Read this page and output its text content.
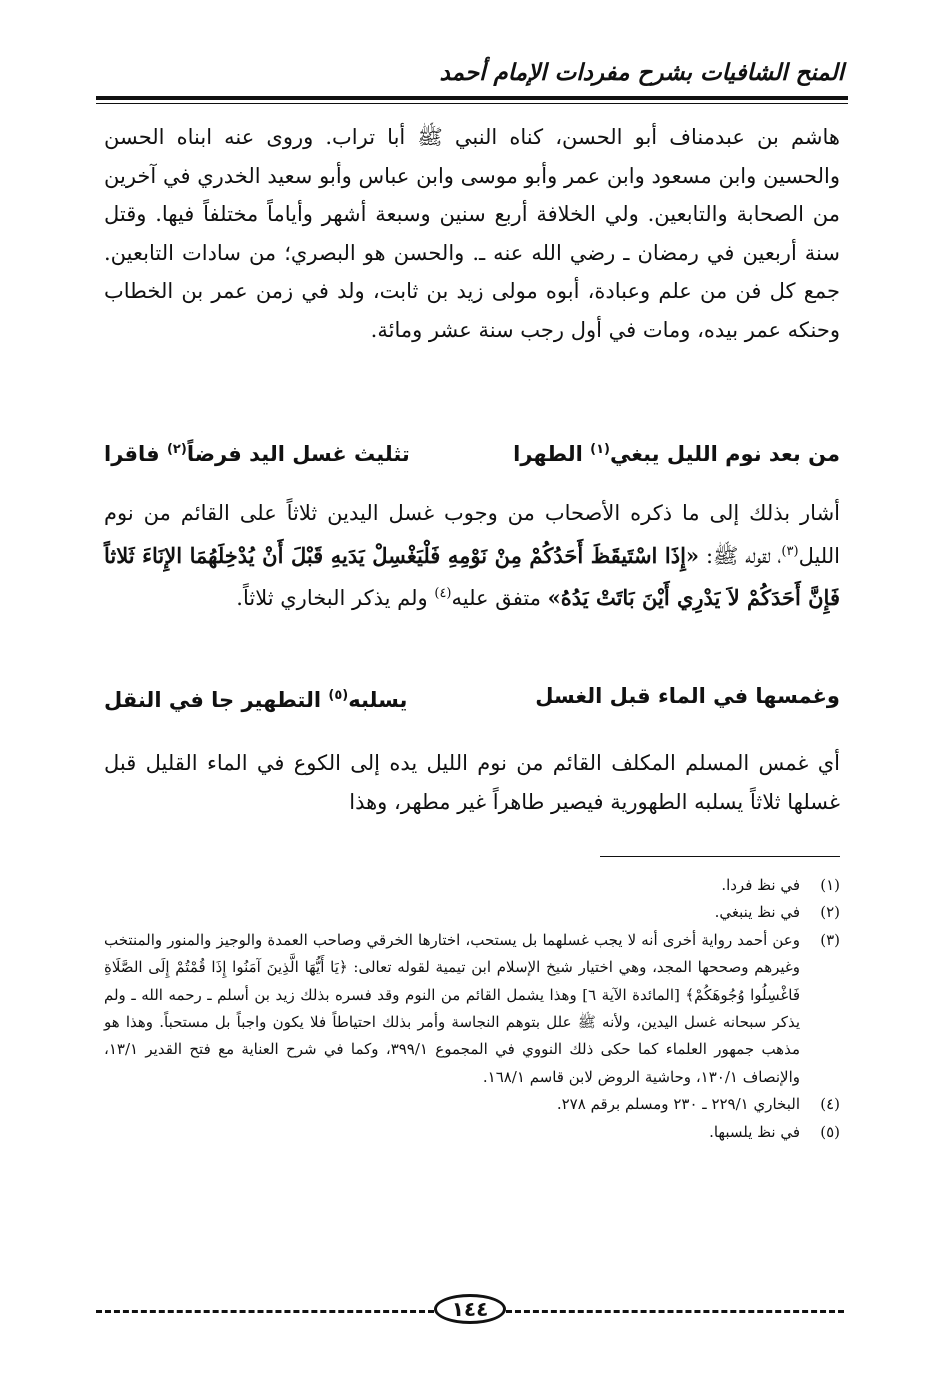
المنح الشافيات بشرح مفردات الإمام أحمد

هاشم بن عبدمناف أبو الحسن، كناه النبي ﷺ أبا تراب. وروى عنه ابناه الحسن والحسين وابن مسعود وابن عمر وأبو موسى وابن عباس وأبو سعيد الخدري في آخرين من الصحابة والتابعين. ولي الخلافة أربع سنين وسبعة أشهر وأياماً مختلفاً فيها. وقتل سنة أربعين في رمضان ـ رضي الله عنه ـ. والحسن هو البصري؛ من سادات التابعين. جمع كل فن من علم وعبادة، أبوه مولى زيد بن ثابت، ولد في زمن عمر بن الخطاب وحنكه عمر بيده، ومات في أول رجب سنة عشر ومائة.

من بعد نوم الليل يبغي$^{(١)}$ الطهرا
تثليث غسل اليد فرضاً$^{(٢)}$ فاقرا

أشار بذلك إلى ما ذكره الأصحاب من وجوب غسل اليدين ثلاثاً على القائم من نوم الليل$^{(٣)}$، لقوله ﷺ: «إِذَا اسْتَيقَظَ أَحَدُكُمْ مِنْ نَوْمِهِ فَلْيَغْسِلْ يَدَيهِ قَبْلَ أَنْ يُدْخِلَهُمَا الإِنَاءَ ثَلاثاً فَإِنَّ أَحَدَكُمْ لاَ يَدْرِي أَيْنَ بَاتَتْ يَدُهُ» متفق عليه$^{(٤)}$ ولم يذكر البخاري ثلاثاً.

وغمسها في الماء قبل الغسل
يسلبه$^{(٥)}$ التطهير جا في النقل

أي غمس المسلم المكلف القائم من نوم الليل يده إلى الكوع في الماء القليل قبل غسلها ثلاثاً يسلبه الطهورية فيصير طاهراً غير مطهر، وهذا

(١)
في نظ فردا.
(٢)
في نظ ينبغي.
(٣)
وعن أحمد رواية أخرى أنه لا يجب غسلهما بل يستحب، اختارها الخرقي وصاحب العمدة والوجيز والمنور والمنتخب وغيرهم وصححها المجد، وهي اختيار شيخ الإسلام ابن تيمية لقوله تعالى: ﴿يَا أَيُّهَا الَّذِينَ آمَنُوا إِذَا قُمْتُمْ إِلَى الصَّلَاةِ فَاغْسِلُوا وُجُوهَكُمْ﴾ [المائدة الآية ٦] وهذا يشمل القائم من النوم وقد فسره بذلك زيد بن أسلم ـ رحمه الله ـ ولم يذكر سبحانه غسل اليدين، ولأنه ﷺ علل بتوهم النجاسة وأمر بذلك احتياطاً فلا يكون واجباً بل مستحباً. وهذا هو مذهب جمهور العلماء كما حكى ذلك النووي في المجموع ٣٩٩/١، وكما في شرح العناية مع فتح القدير ١٣/١، والإنصاف ١٣٠/١، وحاشية الروض لابن قاسم ١٦٨/١.
(٤)
البخاري ٢٢٩/١ ـ ٢٣٠ ومسلم برقم ٢٧٨.
(٥)
في نظ يلسبها.
١٤٤
